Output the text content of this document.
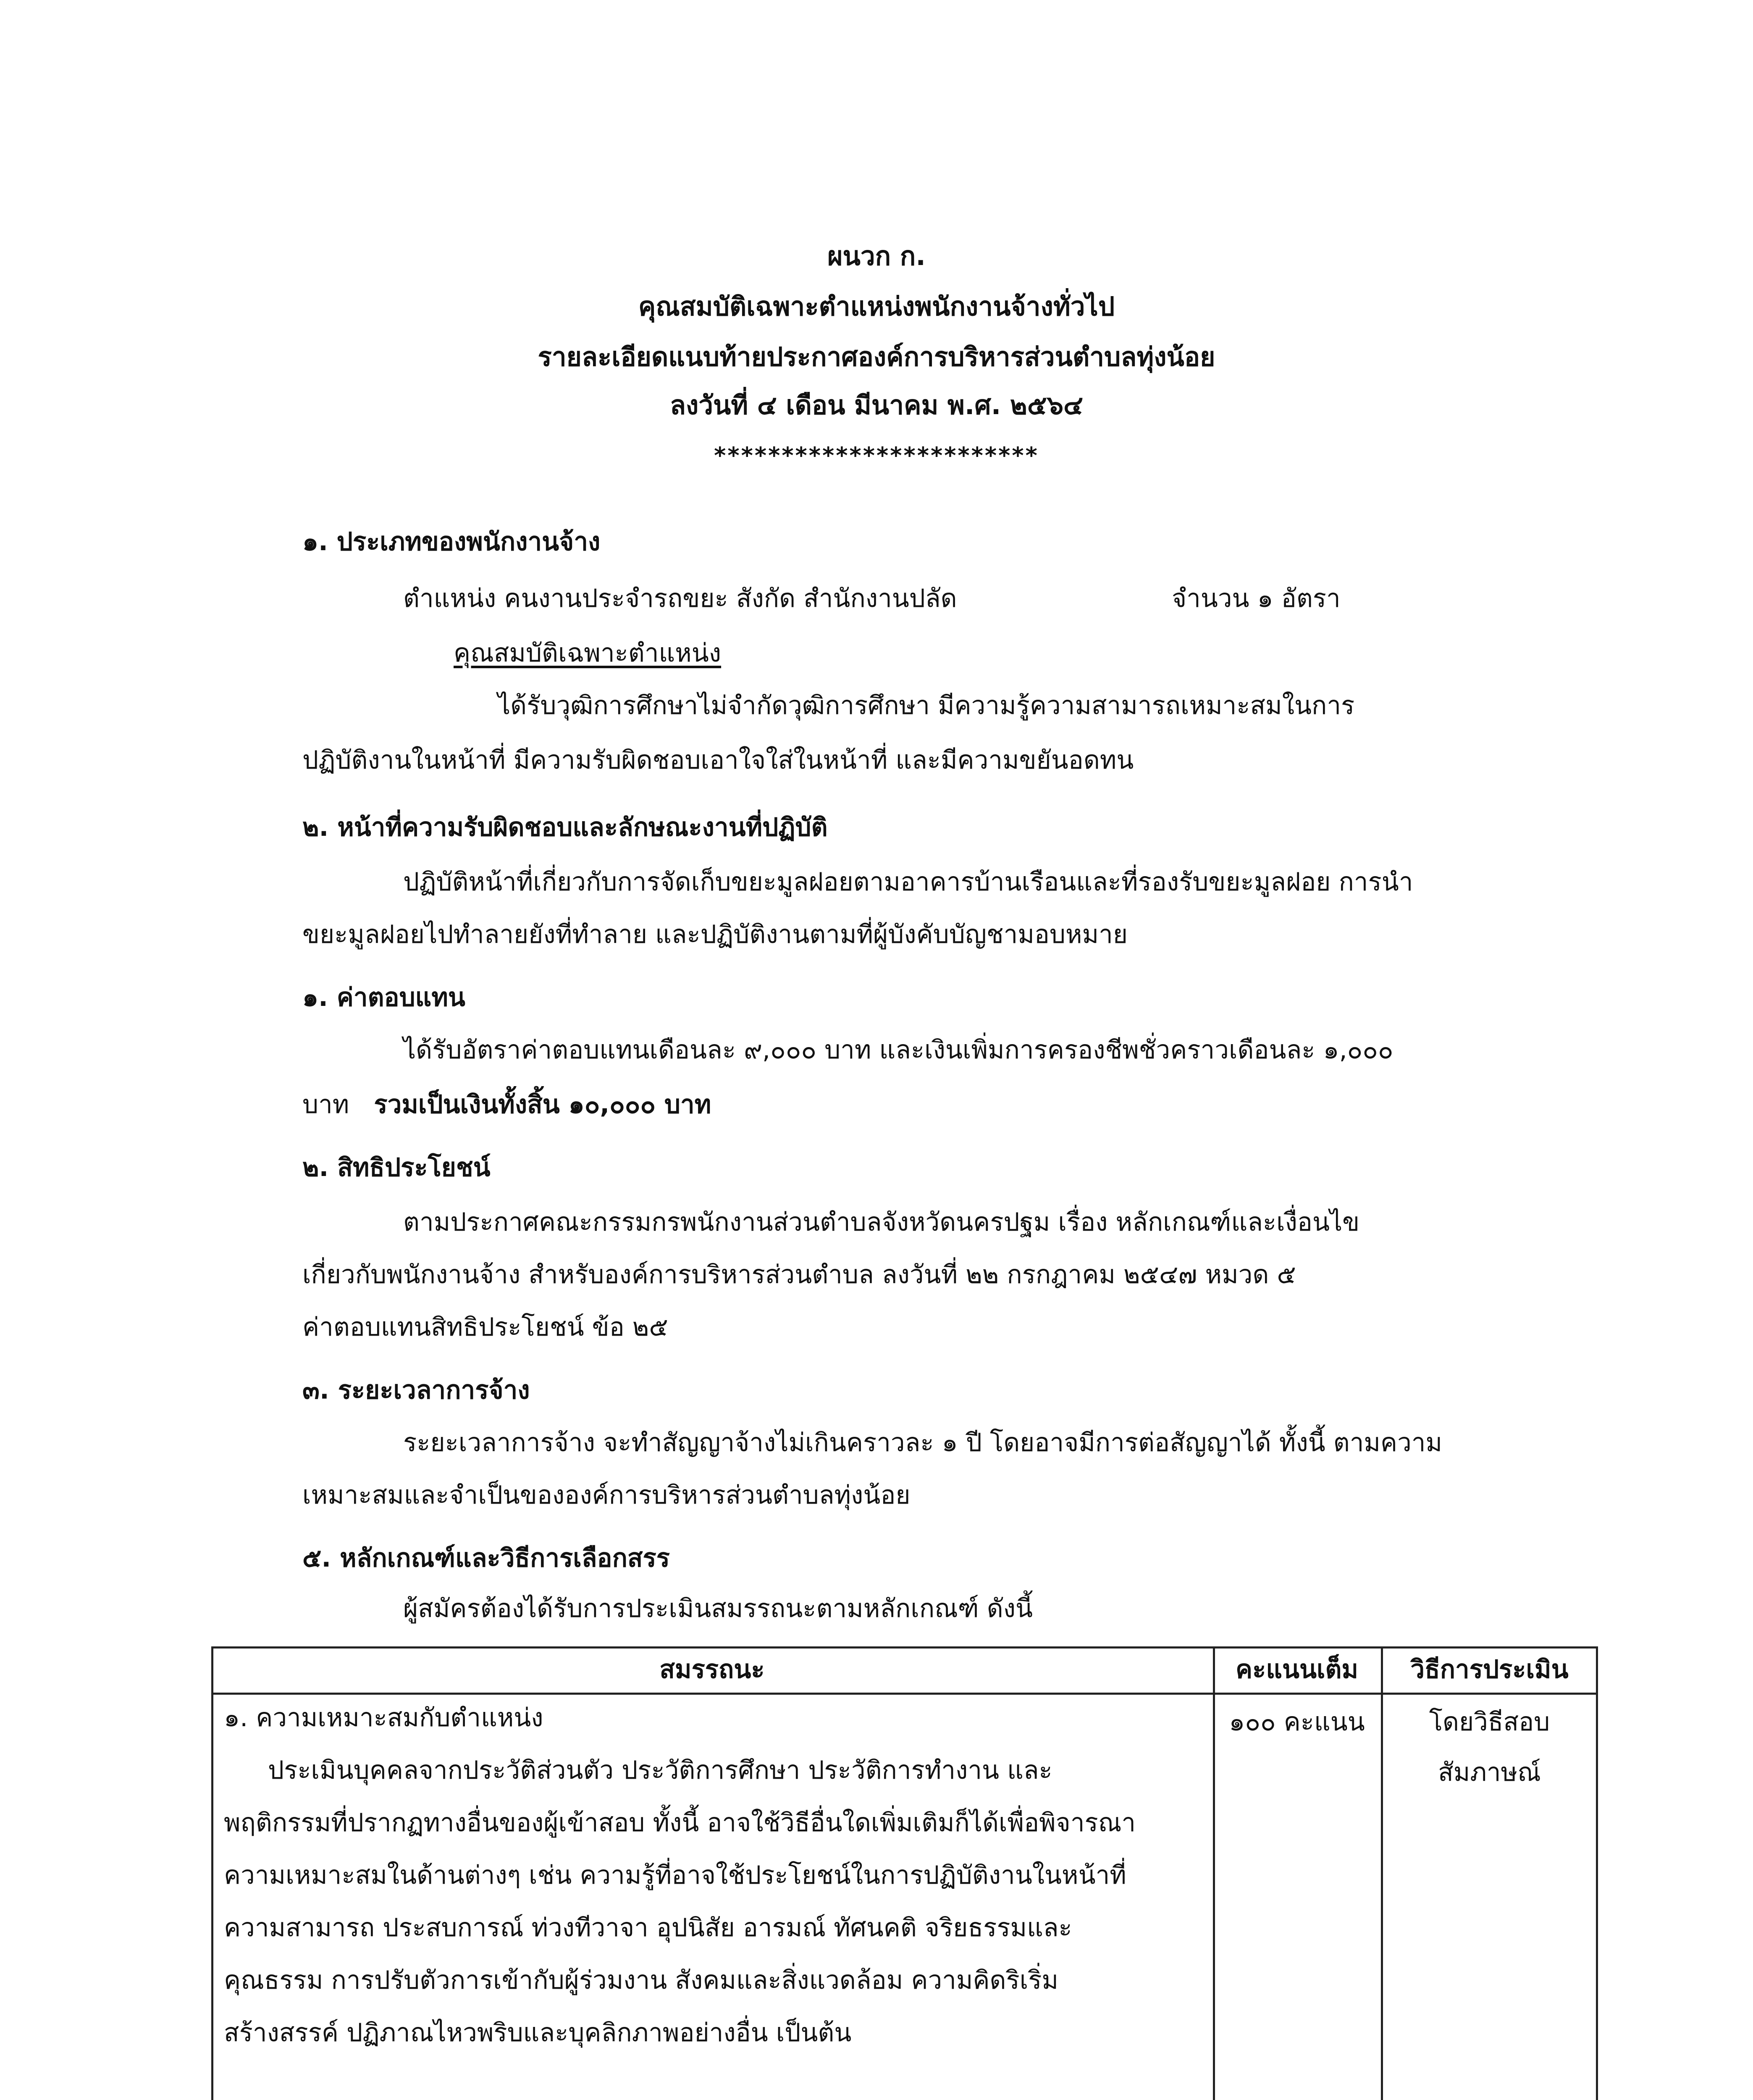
ผนวก ก.
คุณสมบัติเฉพาะตำแหน่งพนักงานจ้างทั่วไป
รายละเอียดแนบท้ายประกาศองค์การบริหารส่วนตำบลทุ่งน้อย
ลงวันที่ ๔ เดือน มีนาคม พ.ศ. ๒๕๖๔
************************
๑. ประเภทของพนักงานจ้าง
ตำแหน่ง คนงานประจำรถขยะ สังกัด สำนักงานปลัด	จำนวน ๑ อัตรา
คุณสมบัติเฉพาะตำแหน่ง
ได้รับวุฒิการศึกษาไม่จำกัดวุฒิการศึกษา มีความรู้ความสามารถเหมาะสมในการ
ปฏิบัติงานในหน้าที่ มีความรับผิดชอบเอาใจใส่ในหน้าที่ และมีความขยันอดทน
๒. หน้าที่ความรับผิดชอบและลักษณะงานที่ปฏิบัติ
ปฏิบัติหน้าที่เกี่ยวกับการจัดเก็บขยะมูลฝอยตามอาคารบ้านเรือนและที่รองรับขยะมูลฝอย การนำ
ขยะมูลฝอยไปทำลายยังที่ทำลาย และปฏิบัติงานตามที่ผู้บังคับบัญชามอบหมาย
๑. ค่าตอบแทน
ได้รับอัตราค่าตอบแทนเดือนละ ๙,๐๐๐ บาท และเงินเพิ่มการครองชีพชั่วคราวเดือนละ ๑,๐๐๐
บาท รวมเป็นเงินทั้งสิ้น ๑๐,๐๐๐ บาท
๒. สิทธิประโยชน์
ตามประกาศคณะกรรมกรพนักงานส่วนตำบลจังหวัดนครปฐม เรื่อง หลักเกณฑ์และเงื่อนไข
เกี่ยวกับพนักงานจ้าง สำหรับองค์การบริหารส่วนตำบล ลงวันที่ ๒๒ กรกฎาคม ๒๕๔๗ หมวด ๕
ค่าตอบแทนสิทธิประโยชน์ ข้อ ๒๕
๓. ระยะเวลาการจ้าง
ระยะเวลาการจ้าง จะทำสัญญาจ้างไม่เกินคราวละ ๑ ปี โดยอาจมีการต่อสัญญาได้ ทั้งนี้ ตามความ
เหมาะสมและจำเป็นขององค์การบริหารส่วนตำบลทุ่งน้อย
๕. หลักเกณฑ์และวิธีการเลือกสรร
ผู้สมัครต้องได้รับการประเมินสมรรถนะตามหลักเกณฑ์ ดังนี้
สมรรถนะ	คะแนนเต็ม	วิธีการประเมิน
๑. ความเหมาะสมกับตำแหน่ง
ประเมินบุคคลจากประวัติส่วนตัว ประวัติการศึกษา ประวัติการทำงาน และ
พฤติกรรมที่ปรากฏทางอื่นของผู้เข้าสอบ ทั้งนี้ อาจใช้วิธีอื่นใดเพิ่มเติมก็ได้เพื่อพิจารณา
ความเหมาะสมในด้านต่างๆ เช่น ความรู้ที่อาจใช้ประโยชน์ในการปฏิบัติงานในหน้าที่
ความสามารถ ประสบการณ์ ท่วงทีวาจา อุปนิสัย อารมณ์ ทัศนคติ จริยธรรมและ
คุณธรรม การปรับตัวการเข้ากับผู้ร่วมงาน สังคมและสิ่งแวดล้อม ความคิดริเริ่ม
สร้างสรรค์ ปฏิภาณไหวพริบและบุคลิกภาพอย่างอื่น เป็นต้น
๑๐๐ คะแนน	โดยวิธีสอบ
สัมภาษณ์
